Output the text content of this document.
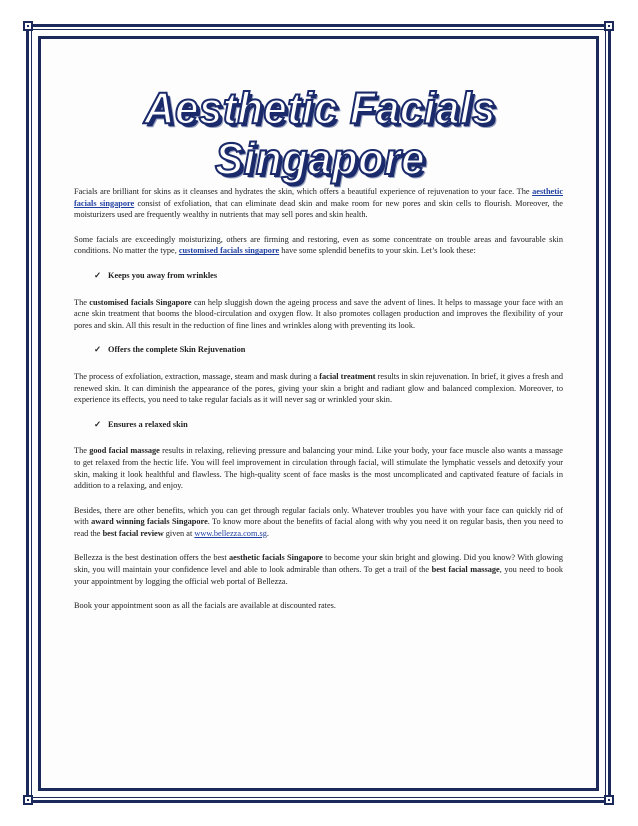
Aesthetic Facials Singapore

Facials are brilliant for skins as it cleanses and hydrates the skin, which offers a beautiful experience of rejuvenation to your face. The aesthetic facials singapore consist of exfoliation, that can eliminate dead skin and make room for new pores and skin cells to flourish. Moreover, the moisturizers used are frequently wealthy in nutrients that may sell pores and skin health.

Some facials are exceedingly moisturizing, others are firming and restoring, even as some concentrate on trouble areas and favourable skin conditions. No matter the type, customised facials singapore have some splendid benefits to your skin. Let’s look these:

✓ Keeps you away from wrinkles

The customised facials Singapore can help sluggish down the ageing process and save the advent of lines. It helps to massage your face with an acne skin treatment that booms the blood-circulation and oxygen flow. It also promotes collagen production and improves the flexibility of your pores and skin. All this result in the reduction of fine lines and wrinkles along with preventing its look.

✓ Offers the complete Skin Rejuvenation

The process of exfoliation, extraction, massage, steam and mask during a facial treatment results in skin rejuvenation. In brief, it gives a fresh and renewed skin. It can diminish the appearance of the pores, giving your skin a bright and radiant glow and balanced complexion. Moreover, to experience its effects, you need to take regular facials as it will never sag or wrinkled your skin.

✓ Ensures a relaxed skin

The good facial massage results in relaxing, relieving pressure and balancing your mind. Like your body, your face muscle also wants a massage to get relaxed from the hectic life. You will feel improvement in circulation through facial, will stimulate the lymphatic vessels and detoxify your skin, making it look healthful and flawless. The high-quality scent of face masks is the most uncomplicated and captivated feature of facials in addition to a relaxing, and enjoy.

Besides, there are other benefits, which you can get through regular facials only. Whatever troubles you have with your face can quickly rid of with award winning facials Singapore. To know more about the benefits of facial along with why you need it on regular basis, then you need to read the best facial review given at www.bellezza.com.sg.

Bellezza is the best destination offers the best aesthetic facials Singapore to become your skin bright and glowing. Did you know? With glowing skin, you will maintain your confidence level and able to look admirable than others. To get a trail of the best facial massage, you need to book your appointment by logging the official web portal of Bellezza.

Book your appointment soon as all the facials are available at discounted rates.
